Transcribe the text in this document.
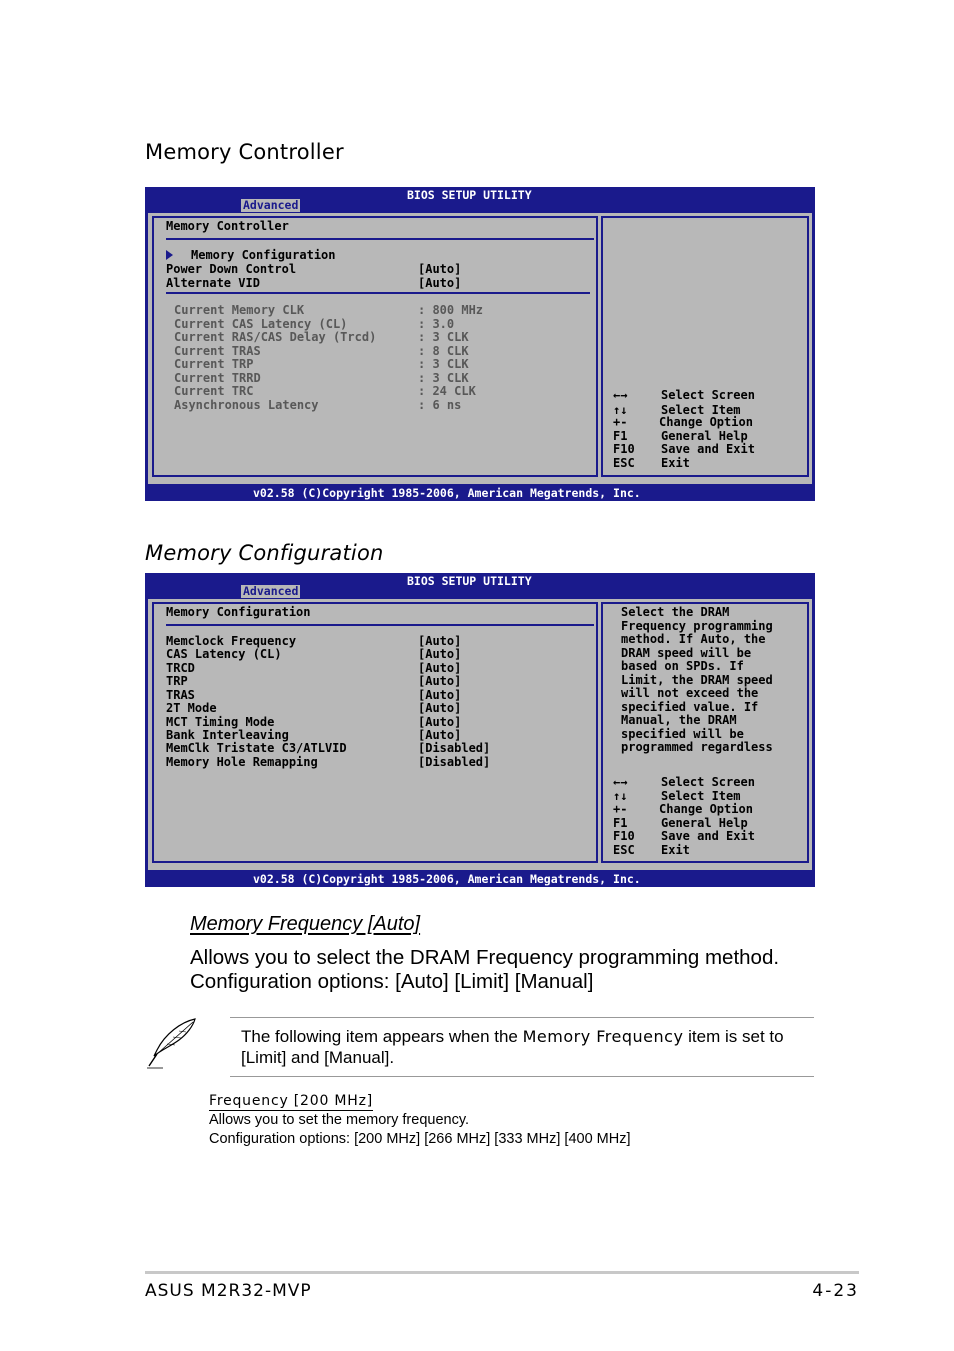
Memory Controller
BIOS SETUP UTILITY
Advanced
Memory Controller
Memory Configuration
Power Down Control	[Auto]
Alternate VID	[Auto]
Current Memory CLK	: 800 MHz
Current CAS Latency (CL)	: 3.0
Current RAS/CAS Delay (Trcd)	: 3 CLK
Current TRAS	: 8 CLK
Current TRP	: 3 CLK
Current TRRD	: 3 CLK
Current TRC	: 24 CLK
Asynchronous Latency	: 6 ns
←→	Select Screen
↑↓	Select Item
+-	Change Option
F1	General Help
F10 Save and Exit
ESC Exit
v02.58 (C)Copyright 1985-2006, American Megatrends, Inc.
Memory Configuration
BIOS SETUP UTILITY
Advanced
Memory Configuration
Memclock Frequency	[Auto]
CAS Latency (CL)	[Auto]
TRCD	[Auto]
TRP	[Auto]
TRAS	[Auto]
2T Mode	[Auto]
MCT Timing Mode	[Auto]
Bank Interleaving	[Auto]
MemClk Tristate C3/ATLVID	[Disabled]
Memory Hole Remapping	[Disabled]
Select the DRAM
Frequency programming
method. If Auto, the
DRAM speed will be
based on SPDs. If
Limit, the DRAM speed
will not exceed the
specified value. If
Manual, the DRAM
specified will be
programmed regardless
←→	Select Screen
↑↓	Select Item
+-	Change Option
F1	General Help
F10 Save and Exit
ESC Exit
v02.58 (C)Copyright 1985-2006, American Megatrends, Inc.
Memory Frequency [Auto]
Allows you to select the DRAM Frequency programming method.
Configuration options: [Auto] [Limit] [Manual]
The following item appears when the Memory Frequency item is set to [Limit] and [Manual].
Frequency [200 MHz]
Allows you to set the memory frequency.
Configuration options: [200 MHz] [266 MHz] [333 MHz] [400 MHz]
ASUS M2R32-MVP	4-23
